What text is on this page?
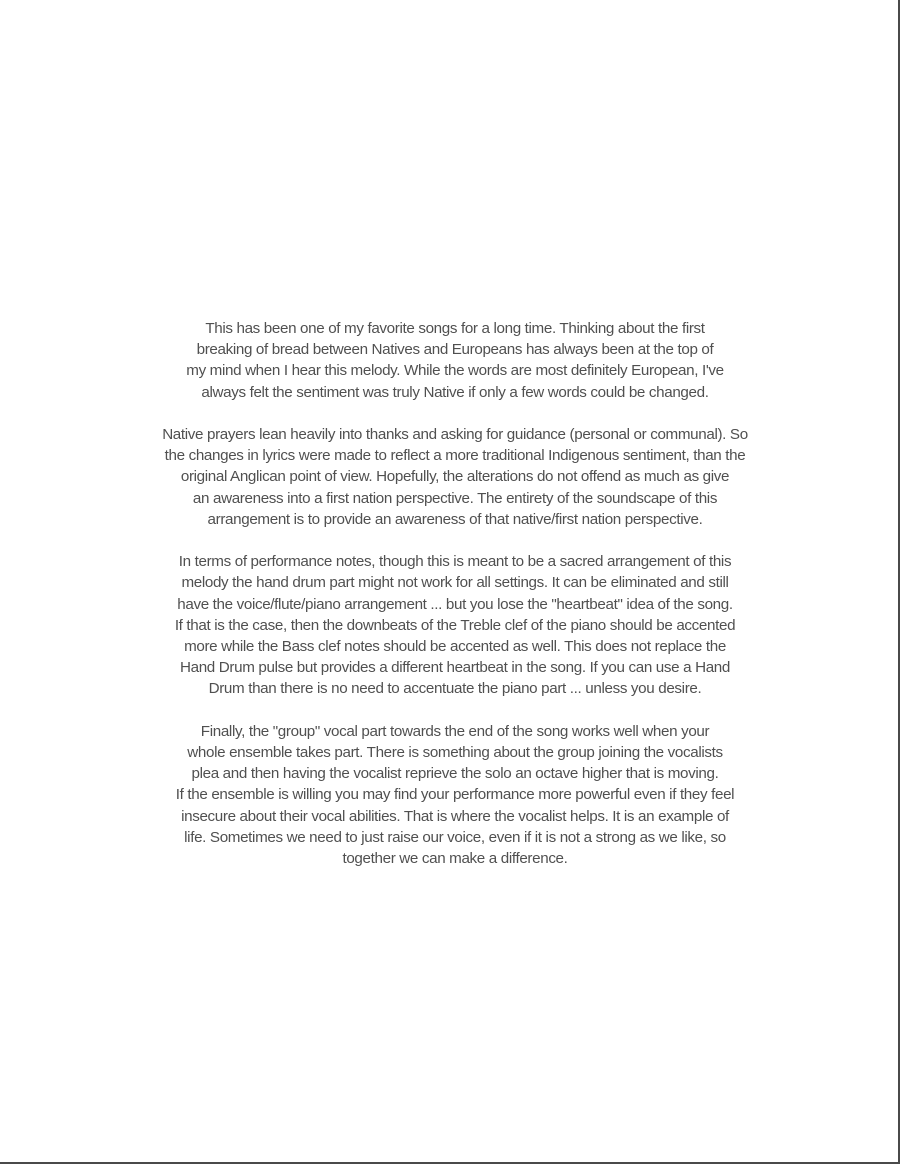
This has been one of my favorite songs for a long time. Thinking about the first
breaking of bread between Natives and Europeans has always been at the top of
my mind when I hear this melody. While the words are most definitely European, I've
always felt the sentiment was truly Native if only a few words could be changed.

Native prayers lean heavily into thanks and asking for guidance (personal or communal). So
the changes in lyrics were made to reflect a more traditional Indigenous sentiment, than the
original Anglican point of view. Hopefully, the alterations do not offend as much as give
an awareness into a first nation perspective. The entirety of the soundscape of this
arrangement is to provide an awareness of that native/first nation perspective.

In terms of performance notes, though this is meant to be a sacred arrangement of this
melody the hand drum part might not work for all settings. It can be eliminated and still
have the voice/flute/piano arrangement ... but you lose the "heartbeat" idea of the song.
If that is the case, then the downbeats of the Treble clef of the piano should be accented
more while the Bass clef notes should be accented as well. This does not replace the
Hand Drum pulse but provides a different heartbeat in the song. If you can use a Hand
Drum than there is no need to accentuate the piano part ... unless you desire.

Finally, the "group" vocal part towards the end of the song works well when your
whole ensemble takes part. There is something about the group joining the vocalists
plea and then having the vocalist reprieve the solo an octave higher that is moving.
If the ensemble is willing you may find your performance more powerful even if they feel
insecure about their vocal abilities. That is where the vocalist helps. It is an example of
life. Sometimes we need to just raise our voice, even if it is not a strong as we like, so
together we can make a difference.
